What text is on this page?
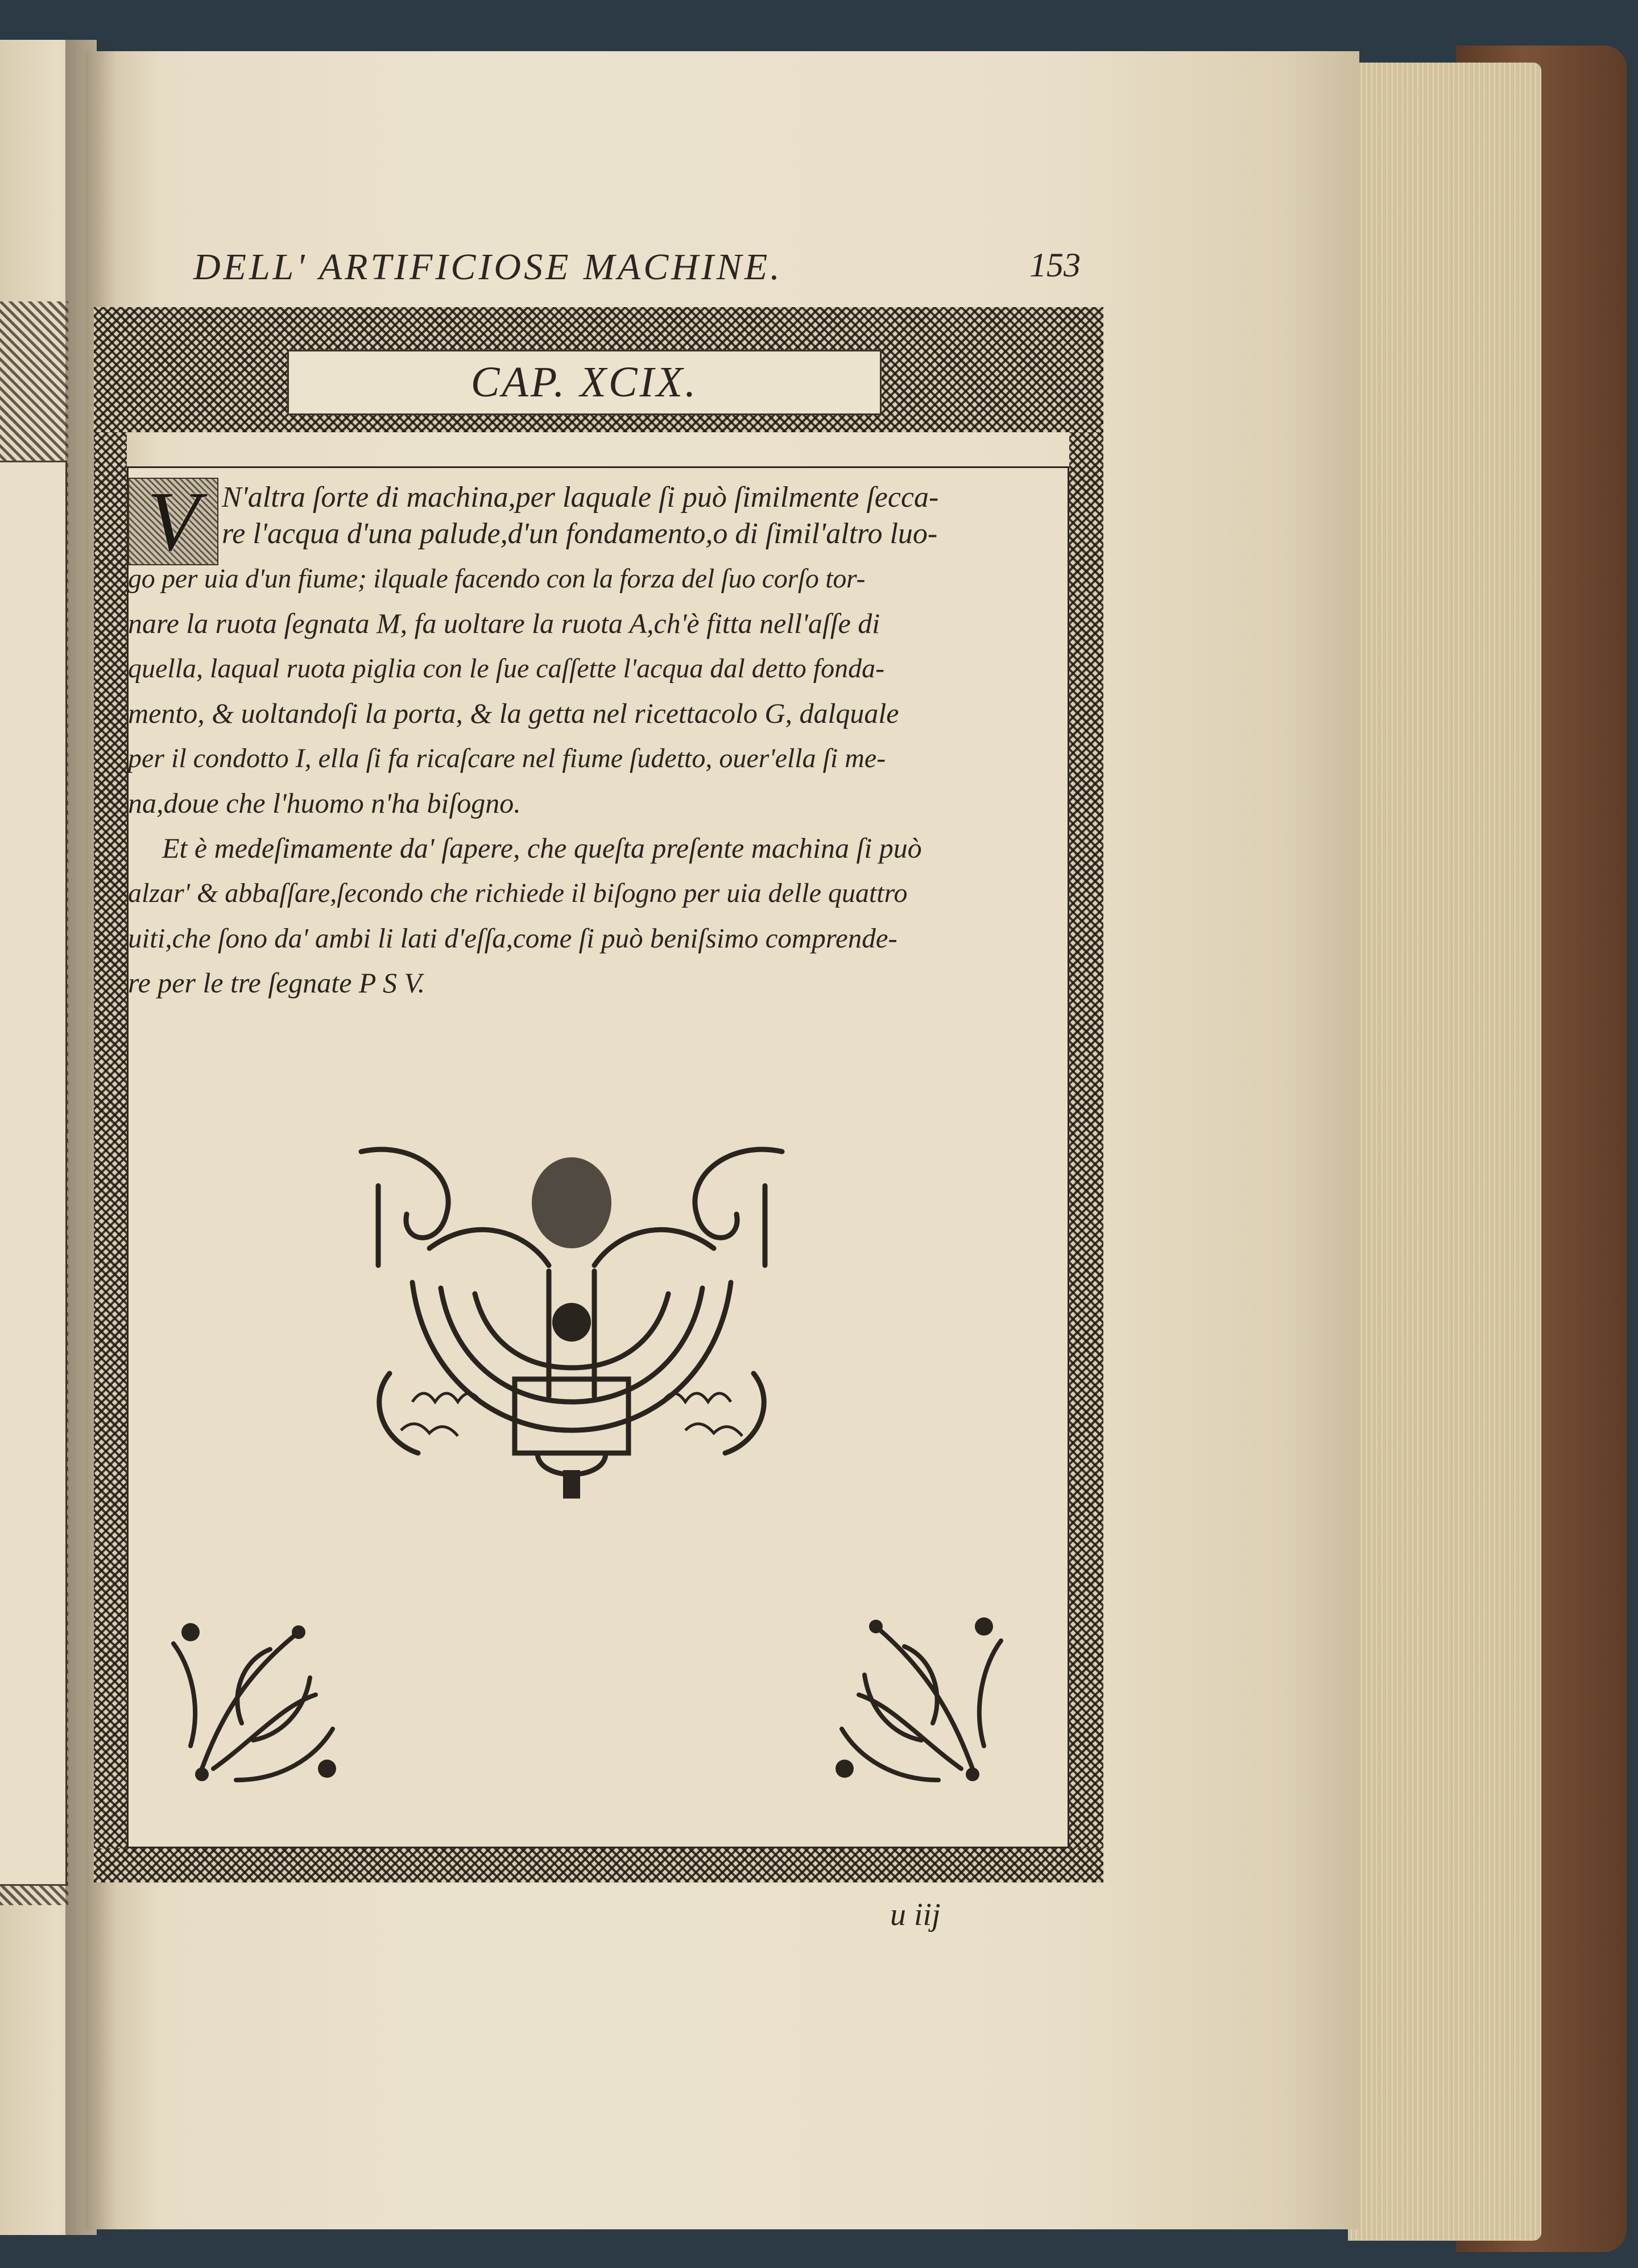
DELL' ARTIFICIOSE MACHINE.	153
CAP. XCIX.
V N'altra ſorte di machina,per laquale ſi può ſimilmente ſecca-
re l'acqua d'una palude,d'un fondamento,o di ſimil'altro luo-
go per uia d'un fiume; ilquale facendo con la forza del ſuo corſo tor-
nare la ruota ſegnata M, fa uoltare la ruota A,ch'è fitta nell'aſſe di
quella, laqual ruota piglia con le ſue caſſette l'acqua dal detto fonda-
mento, & uoltandoſi la porta, & la getta nel ricettacolo G, dalquale
per il condotto I, ella ſi fa ricaſcare nel fiume ſudetto, ouer'ella ſi me-
na,doue che l'huomo n'ha biſogno.
Et è medeſimamente da' ſapere, che queſta preſente machina ſi può
alzar' & abbaſſare,ſecondo che richiede il biſogno per uia delle quattro
uiti,che ſono da' ambi li lati d'eſſa,come ſi può beniſsimo comprende-
re per le tre ſegnate P S V.
u iij
